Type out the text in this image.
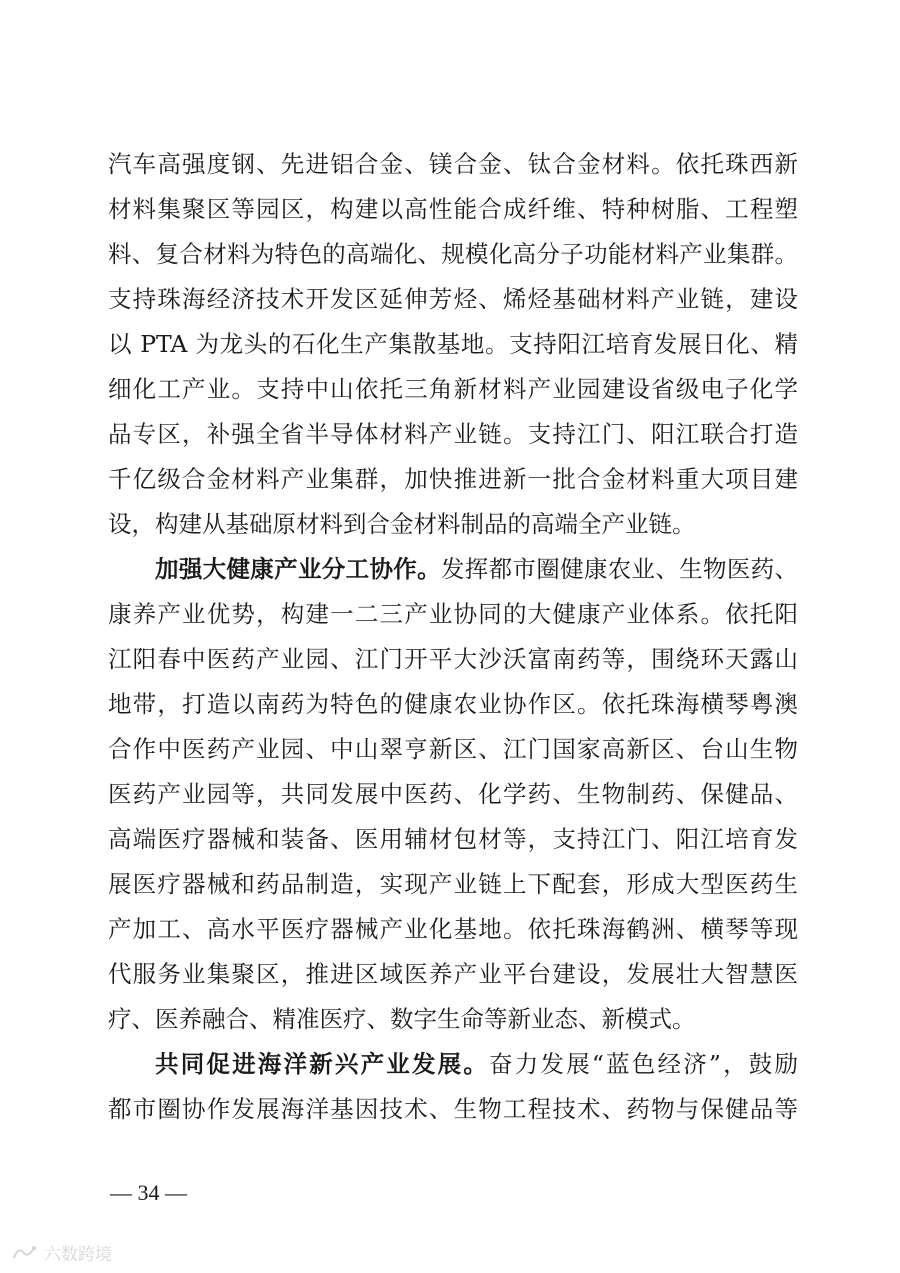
汽车高强度钢、先进铝合金、镁合金、钛合金材料。依托珠西新
材料集聚区等园区，构建以高性能合成纤维、特种树脂、工程塑
料、复合材料为特色的高端化、规模化高分子功能材料产业集群。
支持珠海经济技术开发区延伸芳烃、烯烃基础材料产业链，建设
以 PTA 为龙头的石化生产集散基地。支持阳江培育发展日化、精
细化工产业。支持中山依托三角新材料产业园建设省级电子化学
品专区，补强全省半导体材料产业链。支持江门、阳江联合打造
千亿级合金材料产业集群，加快推进新一批合金材料重大项目建
设，构建从基础原材料到合金材料制品的高端全产业链。
加强大健康产业分工协作。发挥都市圈健康农业、生物医药、
康养产业优势，构建一二三产业协同的大健康产业体系。依托阳
江阳春中医药产业园、江门开平大沙沃富南药等，围绕环天露山
地带，打造以南药为特色的健康农业协作区。依托珠海横琴粤澳
合作中医药产业园、中山翠亨新区、江门国家高新区、台山生物
医药产业园等，共同发展中医药、化学药、生物制药、保健品、
高端医疗器械和装备、医用辅材包材等，支持江门、阳江培育发
展医疗器械和药品制造，实现产业链上下配套，形成大型医药生
产加工、高水平医疗器械产业化基地。依托珠海鹤洲、横琴等现
代服务业集聚区，推进区域医养产业平台建设，发展壮大智慧医
疗、医养融合、精准医疗、数字生命等新业态、新模式。
共同促进海洋新兴产业发展。奋力发展“蓝色经济”，鼓励
都市圈协作发展海洋基因技术、生物工程技术、药物与保健品等
— 34 —
六数跨境
